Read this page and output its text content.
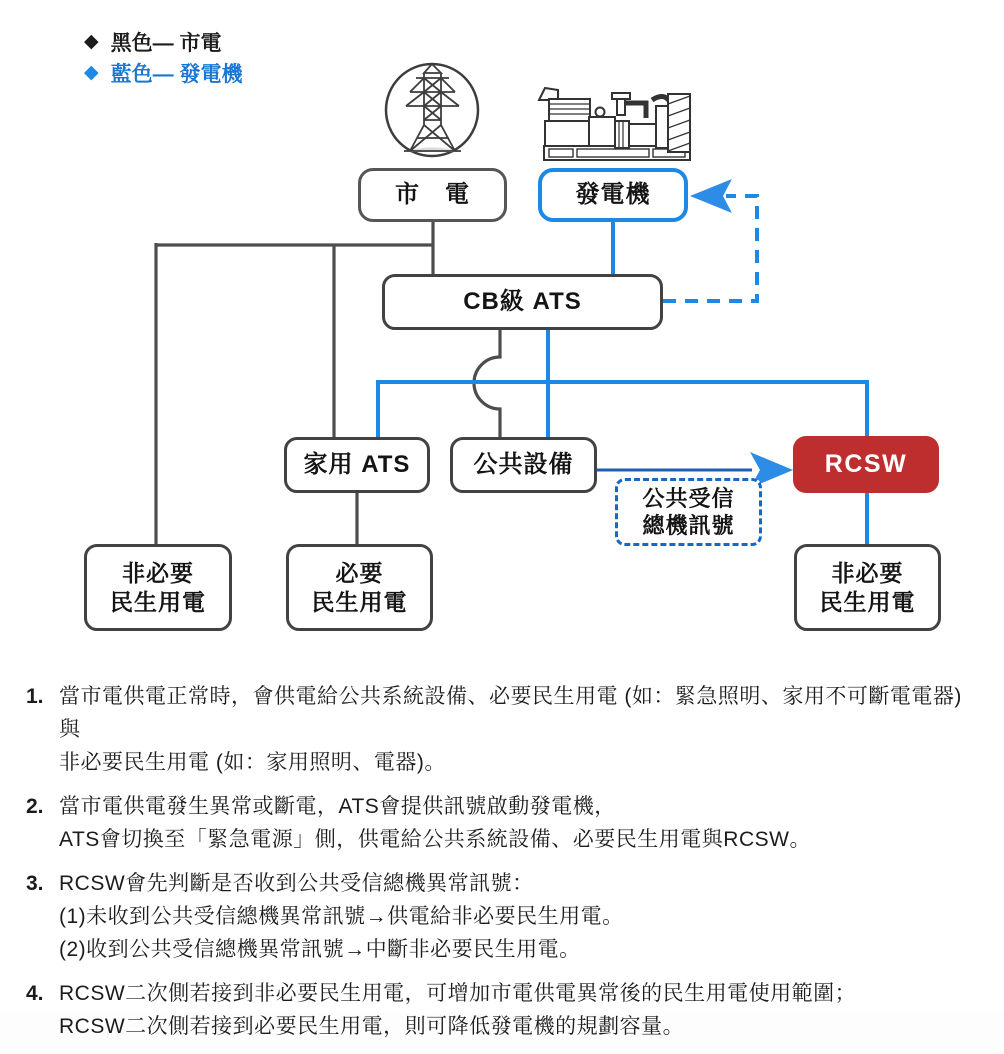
◆ 黑色— 市電
◆ 藍色— 發電機
市　電	發電機
CB級 ATS
家用 ATS	公共設備	RCSW
公共受信
總機訊號
非必要
民生用電
必要
民生用電
非必要
民生用電
1. 當市電供電正常時，會供電給公共系統設備、必要民生用電 (如：緊急照明、家用不可斷電電器) 與
非必要民生用電 (如：家用照明、電器)。
2. 當市電供電發生異常或斷電，ATS會提供訊號啟動發電機，
ATS會切換至「緊急電源」側，供電給公共系統設備、必要民生用電與RCSW。
3. RCSW會先判斷是否收到公共受信總機異常訊號：
(1)未收到公共受信總機異常訊號→供電給非必要民生用電。
(2)收到公共受信總機異常訊號→中斷非必要民生用電。
4. RCSW二次側若接到非必要民生用電，可增加市電供電異常後的民生用電使用範圍；
RCSW二次側若接到必要民生用電，則可降低發電機的規劃容量。
